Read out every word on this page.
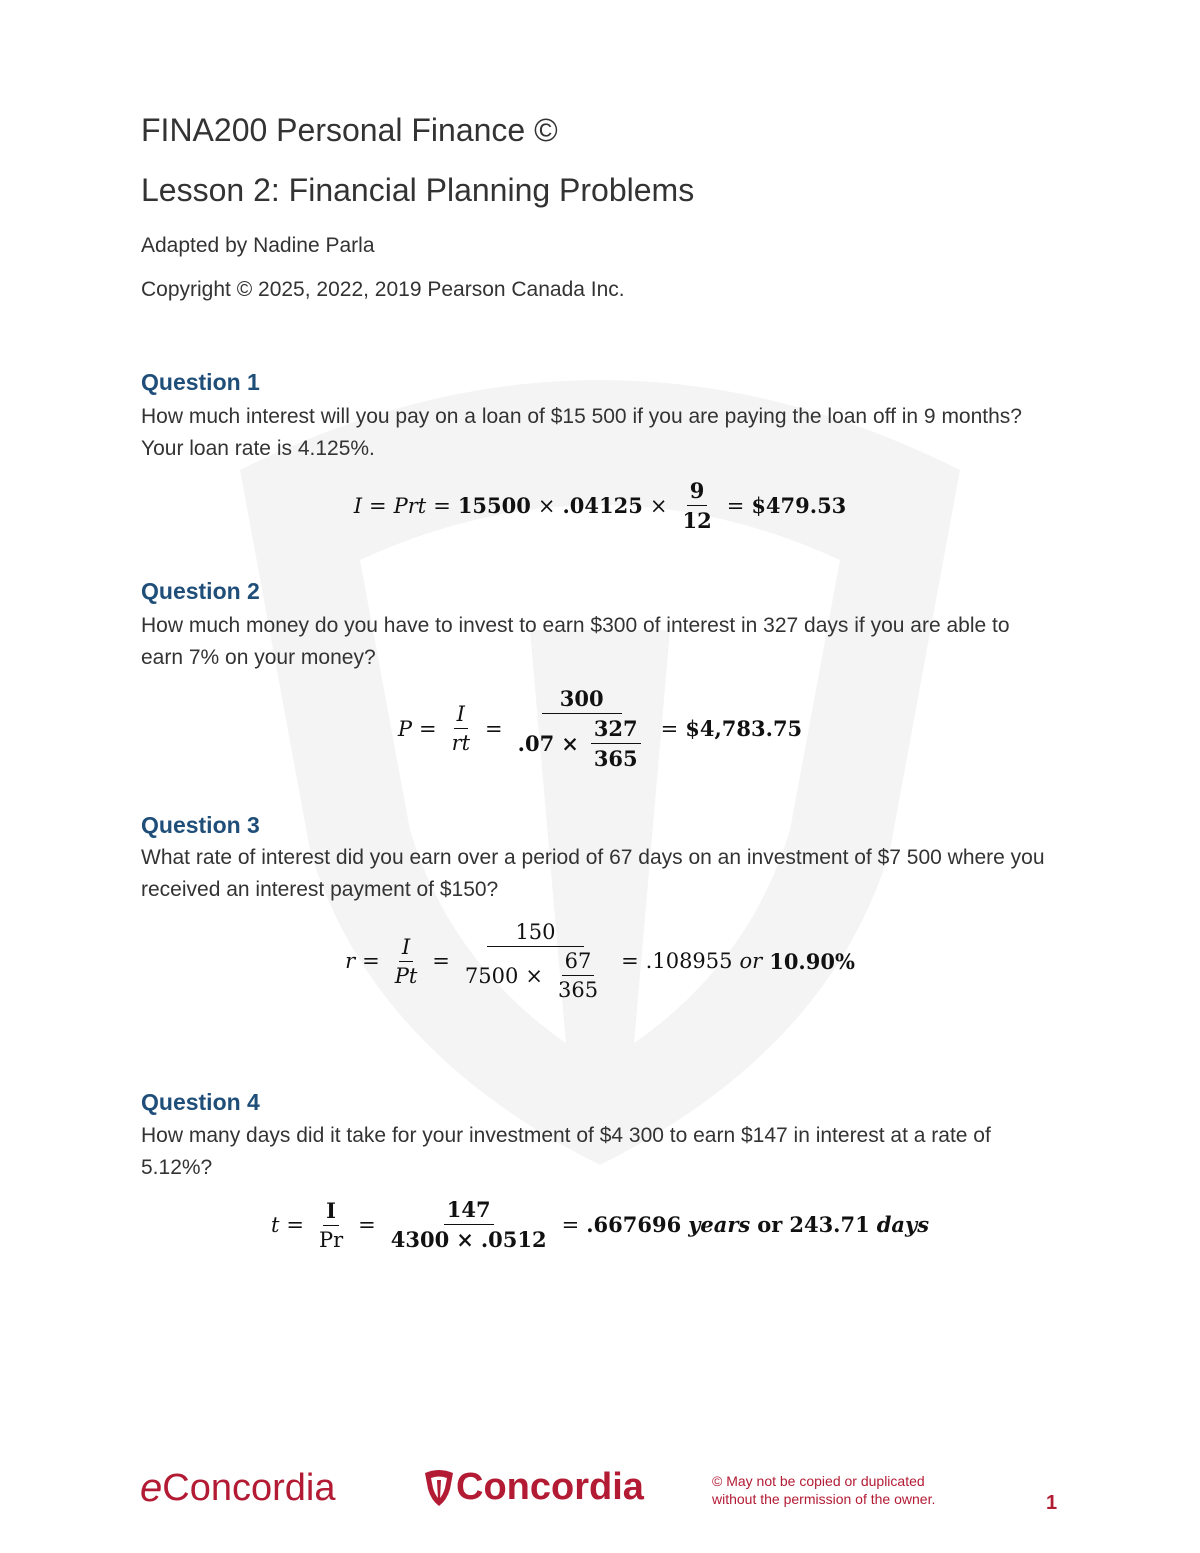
FINA200 Personal Finance ©
Lesson 2: Financial Planning Problems
Adapted by Nadine Parla
Copyright © 2025, 2022, 2019 Pearson Canada Inc.
Question 1
How much interest will you pay on a loan of $15 500 if you are paying the loan off in 9 months? Your loan rate is 4.125%.
I = Prt = $15500 \times .04125 \times \frac{9}{12}$ = $479.53
Question 2
How much money do you have to invest to earn $300 of interest in 327 days if you are able to earn 7% on your money?
$P = \frac{I}{rt} = \frac{300}{.07 \times \frac{327}{365}}$ = $4,783.75
Question 3
What rate of interest did you earn over a period of 67 days on an investment of $7 500 where you received an interest payment of $150?
$r = \frac{I}{Pt} = \frac{150}{7500 \times \frac{67}{365}} = .108955$ or 10.90%
Question 4
How many days did it take for your investment of $4 300 to earn $147 in interest at a rate of 5.12%?
$t = \frac{I}{Pr} = \frac{147}{4300 \times .0512} = .667696$ years or 243.71 days
e Concordia	Concordia	© May not be copied or duplicated
without the permission of the owner.	1
